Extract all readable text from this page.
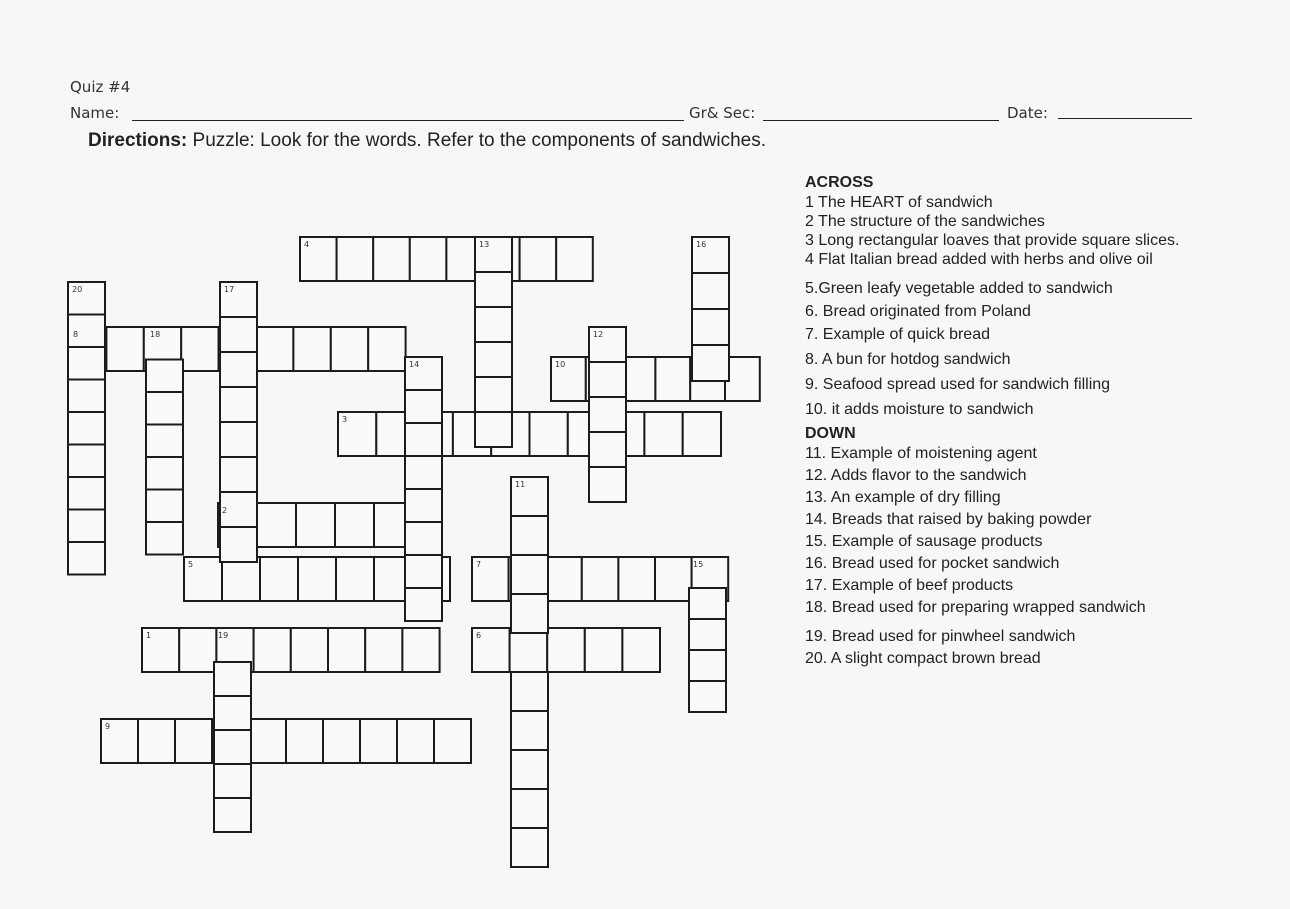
Quiz #4
Name:	Gr& Sec:	Date:
Directions: Puzzle: Look for the words. Refer to the components of sandwiches.
1
2
3
4
5
6
7
8
9
10
11
12
13
14
15
16
17
18
19
20

ACROSS

1 The HEART of sandwich

2 The structure of the sandwiches

3 Long rectangular loaves that provide square slices.

4 Flat Italian bread added with herbs and olive oil

5.Green leafy vegetable added to sandwich

6. Bread originated from Poland

7. Example of quick bread

8. A bun for hotdog sandwich

9. Seafood spread used for sandwich filling

10. it adds moisture to sandwich

DOWN

11. Example of moistening agent

12. Adds flavor to the sandwich

13. An example of dry filling

14. Breads that raised by baking powder

15. Example of sausage products

16. Bread used for pocket sandwich

17. Example of beef products

18. Bread used for preparing wrapped sandwich

19. Bread used for pinwheel sandwich

20. A slight compact brown bread
